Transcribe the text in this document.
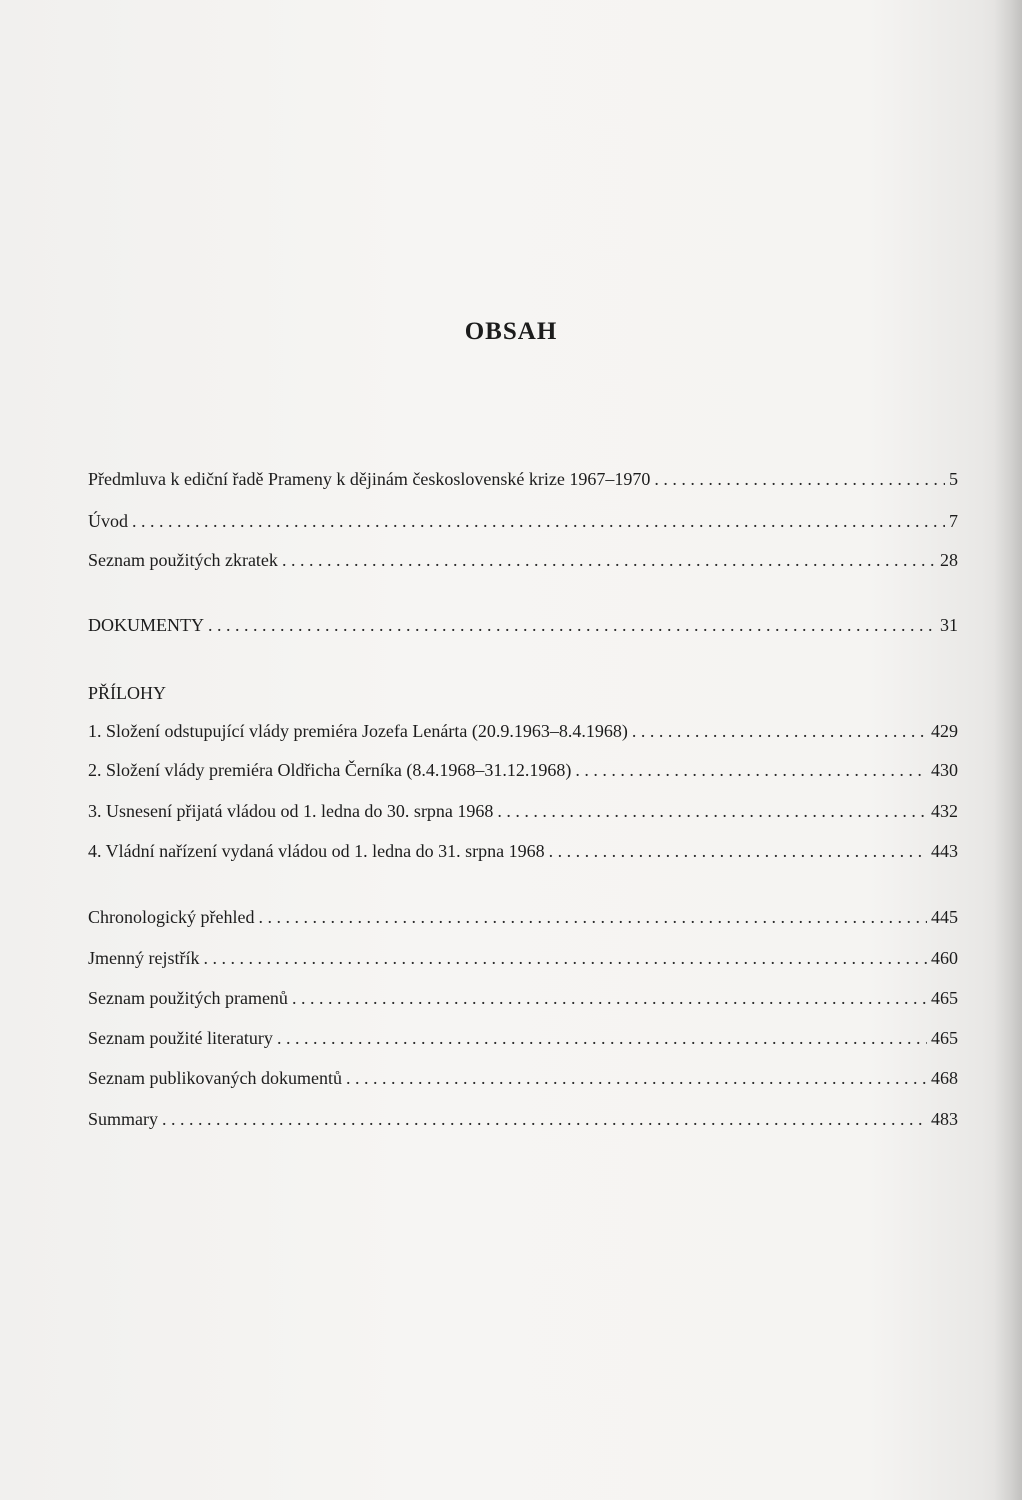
OBSAH
Předmluva k ediční řadě Prameny k dějinám československé krize 1967–1970 . . .	5
Úvod . . .	7
Seznam použitých zkratek . . .	28
DOKUMENTY . . .	31
PŘÍLOHY
1. Složení odstupující vlády premiéra Jozefa Lenárta (20.9.1963–8.4.1968) . . .	429
2. Složení vlády premiéra Oldřicha Černíka (8.4.1968–31.12.1968) . . .	430
3. Usnesení přijatá vládou od 1. ledna do 30. srpna 1968 . . .	432
4. Vládní nařízení vydaná vládou od 1. ledna do 31. srpna 1968 . . .	443
Chronologický přehled . . .	445
Jmenný rejstřík . . .	460
Seznam použitých pramenů . . .	465
Seznam použité literatury . . .	465
Seznam publikovaných dokumentů . . .	468
Summary . . .	483
